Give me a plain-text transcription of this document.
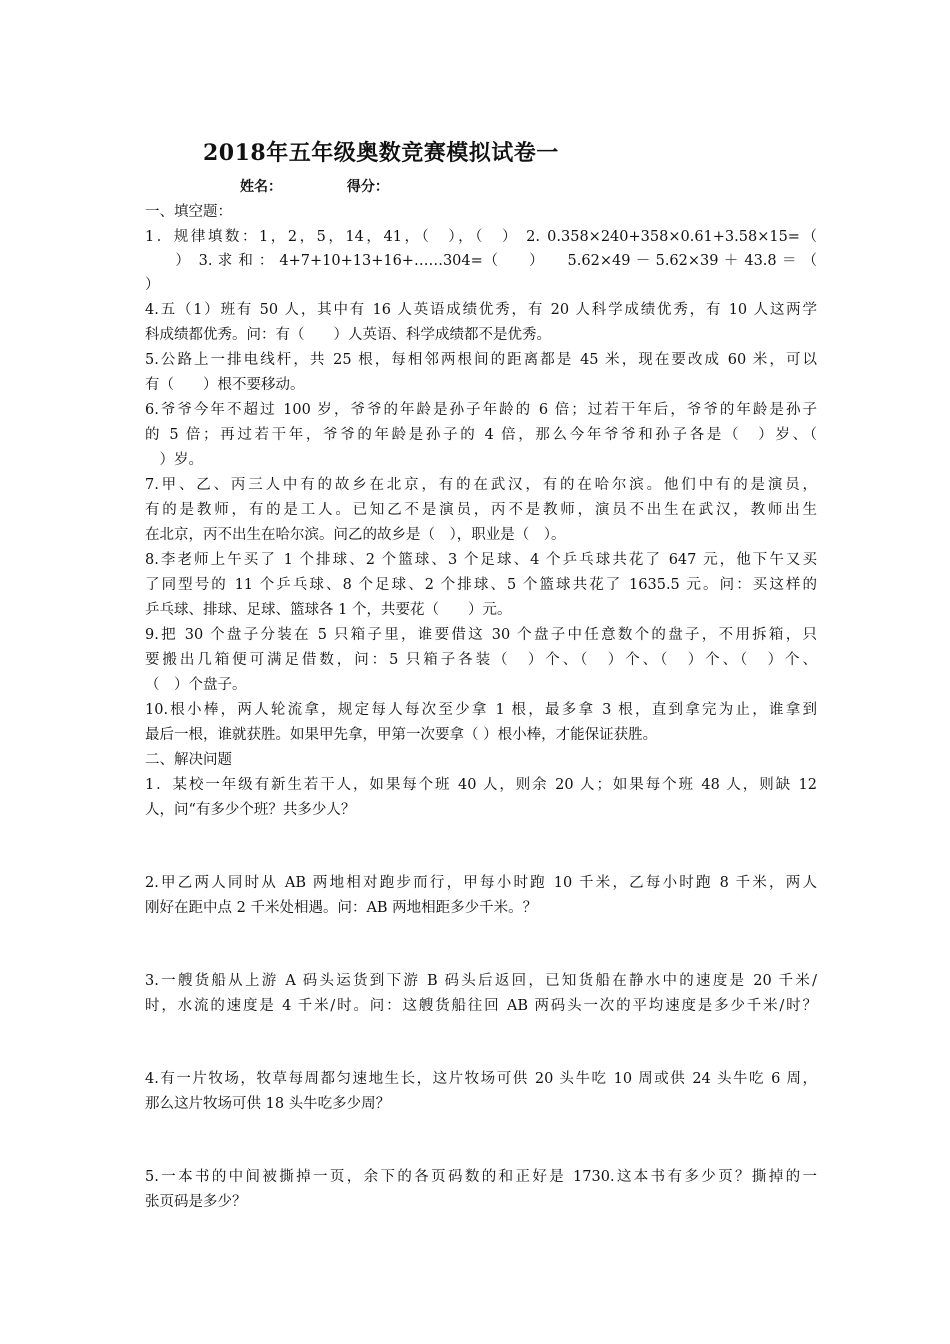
2018年五年级奥数竞赛模拟试卷一
姓名：	得分：
一、填空题：
1．规律填数：1，2，5，14，41，（　），（　） 2. 0.358×240+358×0.61+3.58×15=（
　　）　3. 求 和 ： 4+7+10+13+16+……304=（　　）　　5.62×49 － 5.62×39 ＋ 43.8 ＝ （
）
4.五（1）班有 50 人，其中有 16 人英语成绩优秀，有 20 人科学成绩优秀，有 10 人这两学
科成绩都优秀。问：有（　　）人英语、科学成绩都不是优秀。
5.公路上一排电线杆，共 25 根，每相邻两根间的距离都是 45 米，现在要改成 60 米，可以
有（　　）根不要移动。
6.爷爷今年不超过 100 岁，爷爷的年龄是孙子年龄的 6 倍；过若干年后，爷爷的年龄是孙子
的 5 倍；再过若干年，爷爷的年龄是孙子的 4 倍，那么今年爷爷和孙子各是（　）岁、（
　）岁。
7.甲、乙、丙三人中有的故乡在北京，有的在武汉，有的在哈尔滨。他们中有的是演员，
有的是教师，有的是工人。已知乙不是演员，丙不是教师，演员不出生在武汉，教师出生
在北京，丙不出生在哈尔滨。问乙的故乡是（　），职业是（　）。
8.李老师上午买了 1 个排球、2 个篮球、3 个足球、4 个乒乓球共花了 647 元，他下午又买
了同型号的 11 个乒乓球、8 个足球、2 个排球、5 个篮球共花了 1635.5 元。问：买这样的
乒乓球、排球、足球、篮球各 1 个，共要花（　　）元。
9.把 30 个盘子分装在 5 只箱子里，谁要借这 30 个盘子中任意数个的盘子，不用拆箱，只
要搬出几箱便可满足借数，问：5 只箱子各装（　）个、（　）个、（　）个、（　）个、
（　）个盘子。
10.根小棒，两人轮流拿，规定每人每次至少拿 1 根，最多拿 3 根，直到拿完为止，谁拿到
最后一根，谁就获胜。如果甲先拿，甲第一次要拿（ ）根小棒，才能保证获胜。
二、解决问题
1．某校一年级有新生若干人，如果每个班 40 人，则余 20 人；如果每个班 48 人，则缺 12
人，问“有多少个班？共多少人？
2.甲乙两人同时从 AB 两地相对跑步而行，甲每小时跑 10 千米，乙每小时跑 8 千米，两人
刚好在距中点 2 千米处相遇。问：AB 两地相距多少千米。？
3.一艘货船从上游 A 码头运货到下游 B 码头后返回，已知货船在静水中的速度是 20 千米/
时，水流的速度是 4 千米/时。问：这艘货船往回 AB 两码头一次的平均速度是多少千米/时？
4.有一片牧场，牧草每周都匀速地生长，这片牧场可供 20 头牛吃 10 周或供 24 头牛吃 6 周，
那么这片牧场可供 18 头牛吃多少周？
5.一本书的中间被撕掉一页，余下的各页码数的和正好是 1730.这本书有多少页？撕掉的一
张页码是多少？
